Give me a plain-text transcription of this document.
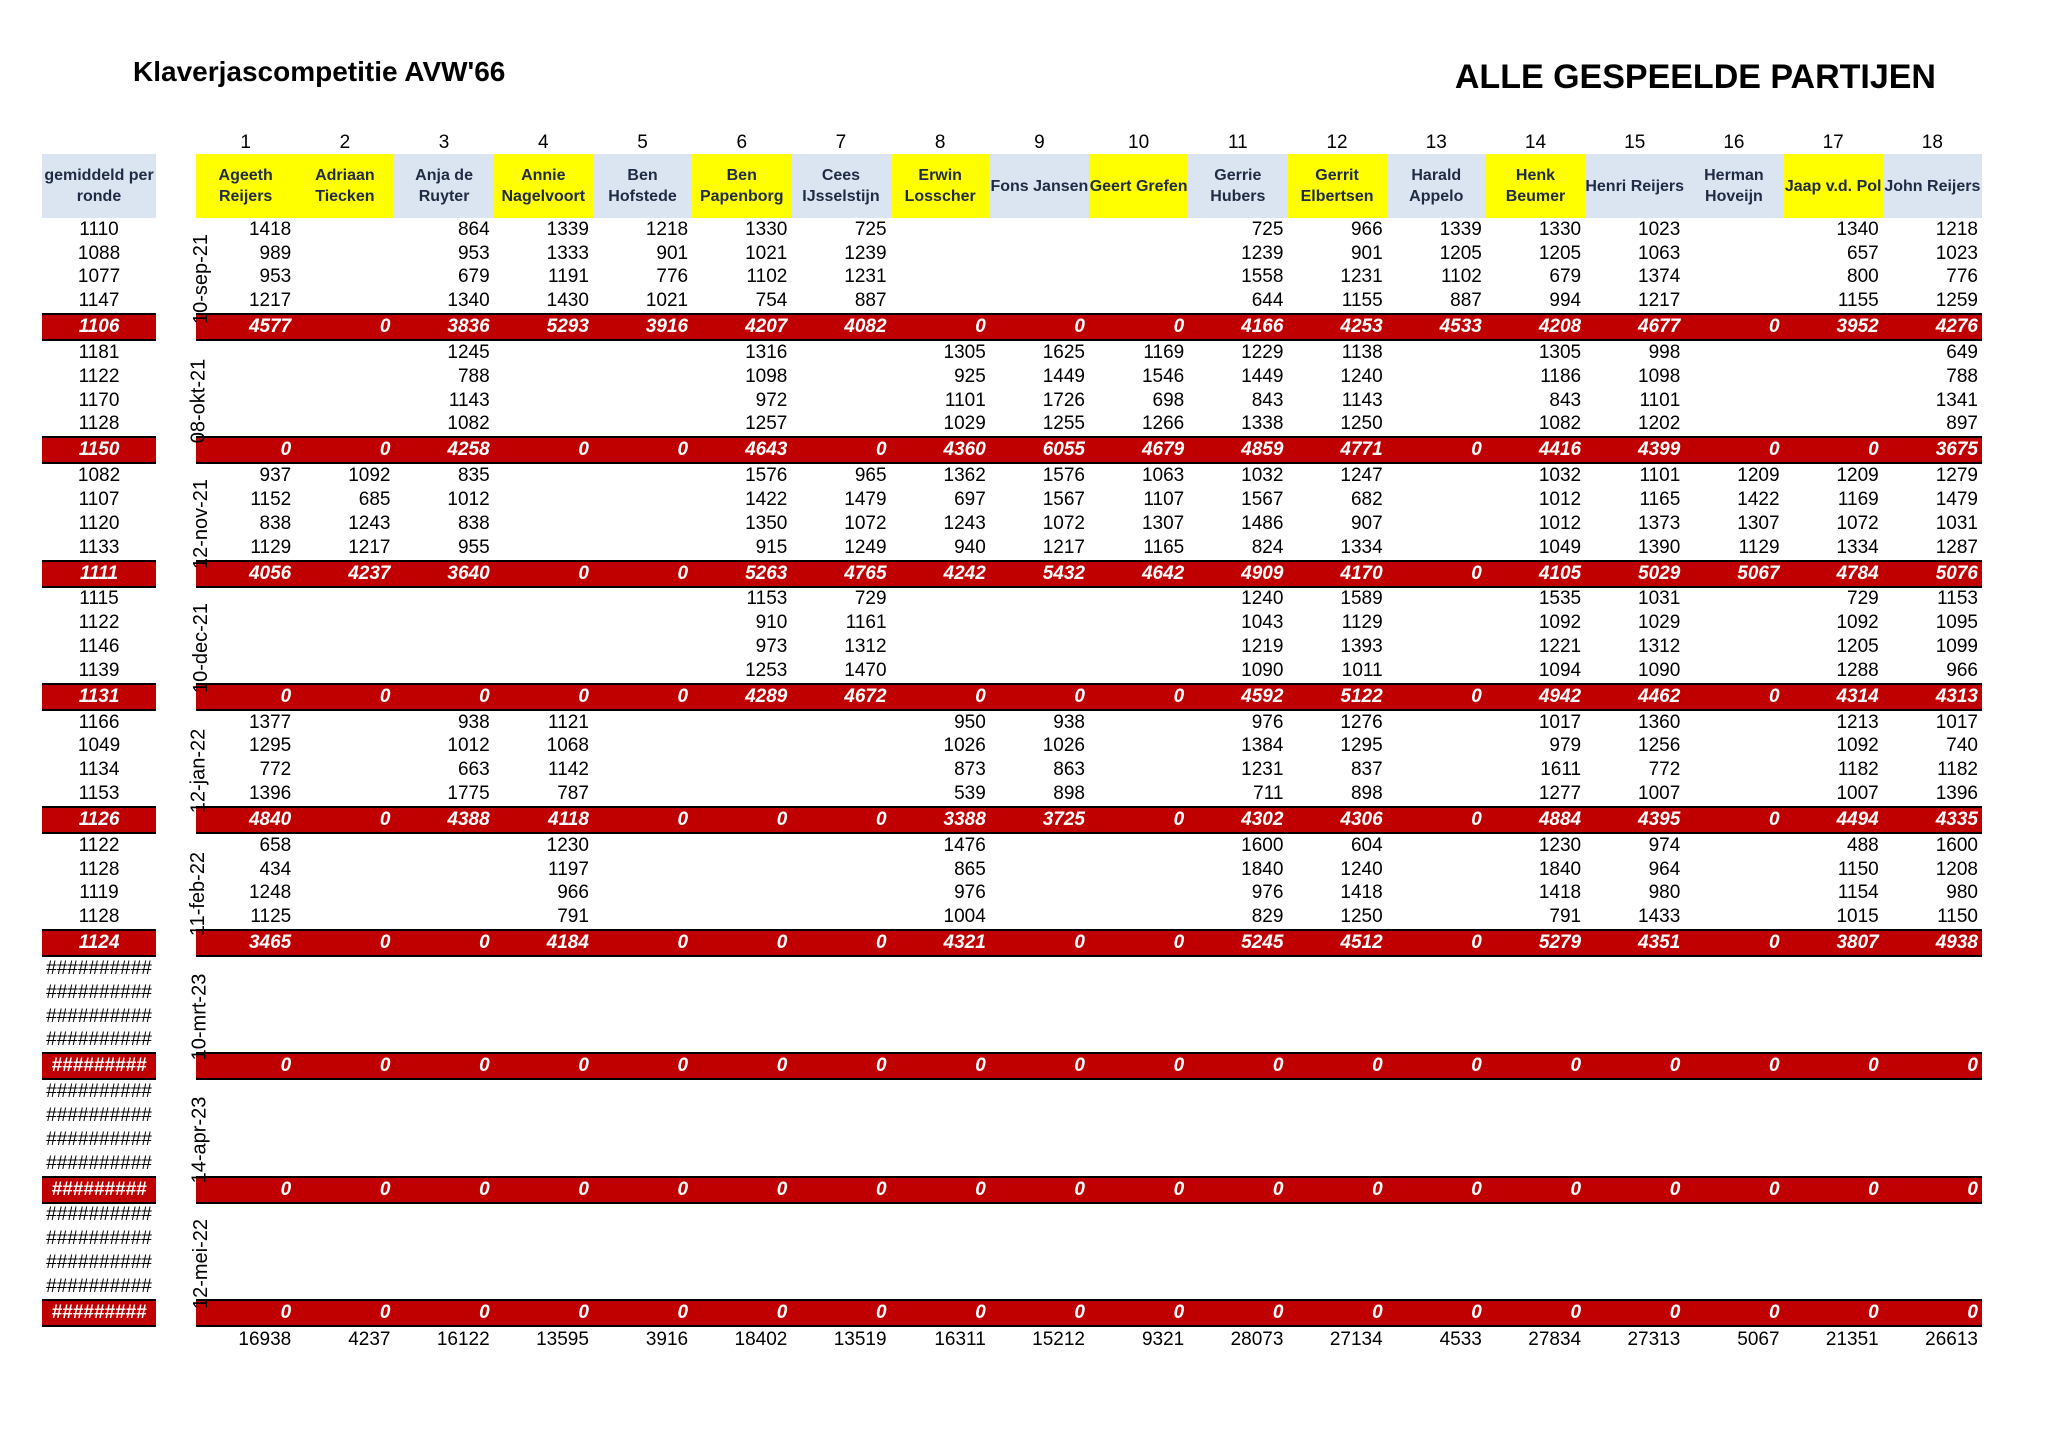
Klaverjascompetitie AVW'66	ALLE GESPEELDE PARTIJEN
		1	2	3	4	5	6	7	8	9	10	11	12	13	14	15	16	17	18
gemiddeld per ronde		Ageeth Reijers	Adriaan Tiecken	Anja de Ruyter	Annie Nagelvoort	Ben Hofstede	Ben Papenborg	Cees IJsselstijn	Erwin Losscher	Fons Jansen	Geert Grefen	Gerrie Hubers	Gerrit Elbertsen	Harald Appelo	Henk Beumer	Henri Reijers	Herman Hoveijn	Jaap v.d. Pol	John Reijers
1110	10-sep-21	1418		864	1339	1218	1330	725				725	966	1339	1330	1023		1340	1218
1088		989		953	1333	901	1021	1239				1239	901	1205	1205	1063		657	1023
1077		953		679	1191	776	1102	1231				1558	1231	1102	679	1374		800	776
1147		1217		1340	1430	1021	754	887				644	1155	887	994	1217		1155	1259
1106		4577	0	3836	5293	3916	4207	4082	0	0	0	4166	4253	4533	4208	4677	0	3952	4276
1181	08-okt-21			1245			1316		1305	1625	1169	1229	1138		1305	998			649
1122				788			1098		925	1449	1546	1449	1240		1186	1098			788
1170				1143			972		1101	1726	698	843	1143		843	1101			1341
1128				1082			1257		1029	1255	1266	1338	1250		1082	1202			897
1150		0	0	4258	0	0	4643	0	4360	6055	4679	4859	4771	0	4416	4399	0	0	3675
1082	12-nov-21	937	1092	835			1576	965	1362	1576	1063	1032	1247		1032	1101	1209	1209	1279
1107		1152	685	1012			1422	1479	697	1567	1107	1567	682		1012	1165	1422	1169	1479
1120		838	1243	838			1350	1072	1243	1072	1307	1486	907		1012	1373	1307	1072	1031
1133		1129	1217	955			915	1249	940	1217	1165	824	1334		1049	1390	1129	1334	1287
1111		4056	4237	3640	0	0	5263	4765	4242	5432	4642	4909	4170	0	4105	5029	5067	4784	5076
1115	10-dec-21						1153	729				1240	1589		1535	1031		729	1153
1122							910	1161				1043	1129		1092	1029		1092	1095
1146							973	1312				1219	1393		1221	1312		1205	1099
1139							1253	1470				1090	1011		1094	1090		1288	966
1131		0	0	0	0	0	4289	4672	0	0	0	4592	5122	0	4942	4462	0	4314	4313
1166	12-jan-22	1377		938	1121				950	938		976	1276		1017	1360		1213	1017
1049		1295		1012	1068				1026	1026		1384	1295		979	1256		1092	740
1134		772		663	1142				873	863		1231	837		1611	772		1182	1182
1153		1396		1775	787				539	898		711	898		1277	1007		1007	1396
1126		4840	0	4388	4118	0	0	0	3388	3725	0	4302	4306	0	4884	4395	0	4494	4335
1122	11-feb-22	658			1230				1476			1600	604		1230	974		488	1600
1128		434			1197				865			1840	1240		1840	964		1150	1208
1119		1248			966				976			976	1418		1418	980		1154	980
1128		1125			791				1004			829	1250		791	1433		1015	1150
1124		3465	0	0	4184	0	0	0	4321	0	0	5245	4512	0	5279	4351	0	3807	4938
##########	10-mrt-23																		
##########																			
##########																			
##########																			
#########		0	0	0	0	0	0	0	0	0	0	0	0	0	0	0	0	0	0
##########	14-apr-23																		
##########																			
##########																			
##########																			
#########		0	0	0	0	0	0	0	0	0	0	0	0	0	0	0	0	0	0
##########	12-mei-22																		
##########																			
##########																			
##########																			
#########		0	0	0	0	0	0	0	0	0	0	0	0	0	0	0	0	0	0
		16938	4237	16122	13595	3916	18402	13519	16311	15212	9321	28073	27134	4533	27834	27313	5067	21351	26613
